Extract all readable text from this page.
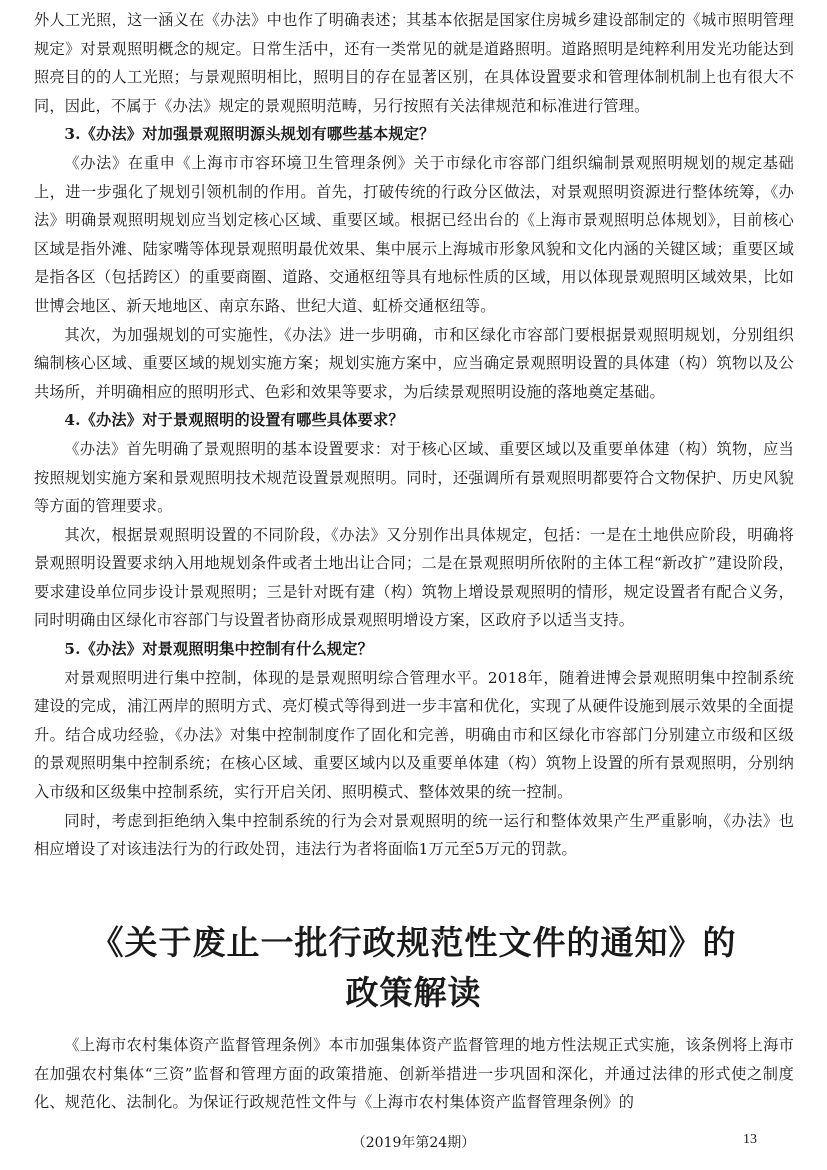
外人工光照，这一涵义在《办法》中也作了明确表述；其基本依据是国家住房城乡建设部制定的《城市照明管理规定》对景观照明概念的规定。日常生活中，还有一类常见的就是道路照明。道路照明是纯粹利用发光功能达到照亮目的的人工光照；与景观照明相比，照明目的存在显著区别，在具体设置要求和管理体制机制上也有很大不同，因此，不属于《办法》规定的景观照明范畴，另行按照有关法律规范和标准进行管理。

3.《办法》对加强景观照明源头规划有哪些基本规定？

《办法》在重申《上海市市容环境卫生管理条例》关于市绿化市容部门组织编制景观照明规划的规定基础上，进一步强化了规划引领机制的作用。首先，打破传统的行政分区做法，对景观照明资源进行整体统筹，《办法》明确景观照明规划应当划定核心区域、重要区域。根据已经出台的《上海市景观照明总体规划》，目前核心区域是指外滩、陆家嘴等体现景观照明最优效果、集中展示上海城市形象风貌和文化内涵的关键区域；重要区域是指各区（包括跨区）的重要商圈、道路、交通枢纽等具有地标性质的区域，用以体现景观照明区域效果，比如世博会地区、新天地地区、南京东路、世纪大道、虹桥交通枢纽等。

其次，为加强规划的可实施性，《办法》进一步明确，市和区绿化市容部门要根据景观照明规划，分别组织编制核心区域、重要区域的规划实施方案；规划实施方案中，应当确定景观照明设置的具体建（构）筑物以及公共场所，并明确相应的照明形式、色彩和效果等要求，为后续景观照明设施的落地奠定基础。

4.《办法》对于景观照明的设置有哪些具体要求？

《办法》首先明确了景观照明的基本设置要求：对于核心区域、重要区域以及重要单体建（构）筑物，应当按照规划实施方案和景观照明技术规范设置景观照明。同时，还强调所有景观照明都要符合文物保护、历史风貌等方面的管理要求。

其次，根据景观照明设置的不同阶段，《办法》又分别作出具体规定，包括：一是在土地供应阶段，明确将景观照明设置要求纳入用地规划条件或者土地出让合同；二是在景观照明所依附的主体工程“新改扩”建设阶段，要求建设单位同步设计景观照明；三是针对既有建（构）筑物上增设景观照明的情形，规定设置者有配合义务，同时明确由区绿化市容部门与设置者协商形成景观照明增设方案，区政府予以适当支持。

5.《办法》对景观照明集中控制有什么规定？

对景观照明进行集中控制，体现的是景观照明综合管理水平。2018年，随着进博会景观照明集中控制系统建设的完成，浦江两岸的照明方式、亮灯模式等得到进一步丰富和优化，实现了从硬件设施到展示效果的全面提升。结合成功经验，《办法》对集中控制制度作了固化和完善，明确由市和区绿化市容部门分别建立市级和区级的景观照明集中控制系统；在核心区域、重要区域内以及重要单体建（构）筑物上设置的所有景观照明，分别纳入市级和区级集中控制系统，实行开启关闭、照明模式、整体效果的统一控制。

同时，考虑到拒绝纳入集中控制系统的行为会对景观照明的统一运行和整体效果产生严重影响，《办法》也相应增设了对该违法行为的行政处罚，违法行为者将面临1万元至5万元的罚款。

《关于废止一批行政规范性文件的通知》的
政策解读

《上海市农村集体资产监督管理条例》本市加强集体资产监督管理的地方性法规正式实施，该条例将上海市在加强农村集体“三资”监督和管理方面的政策措施、创新举措进一步巩固和深化，并通过法律的形式使之制度化、规范化、法制化。为保证行政规范性文件与《上海市农村集体资产监督管理条例》的

（2019年第24期）	13
